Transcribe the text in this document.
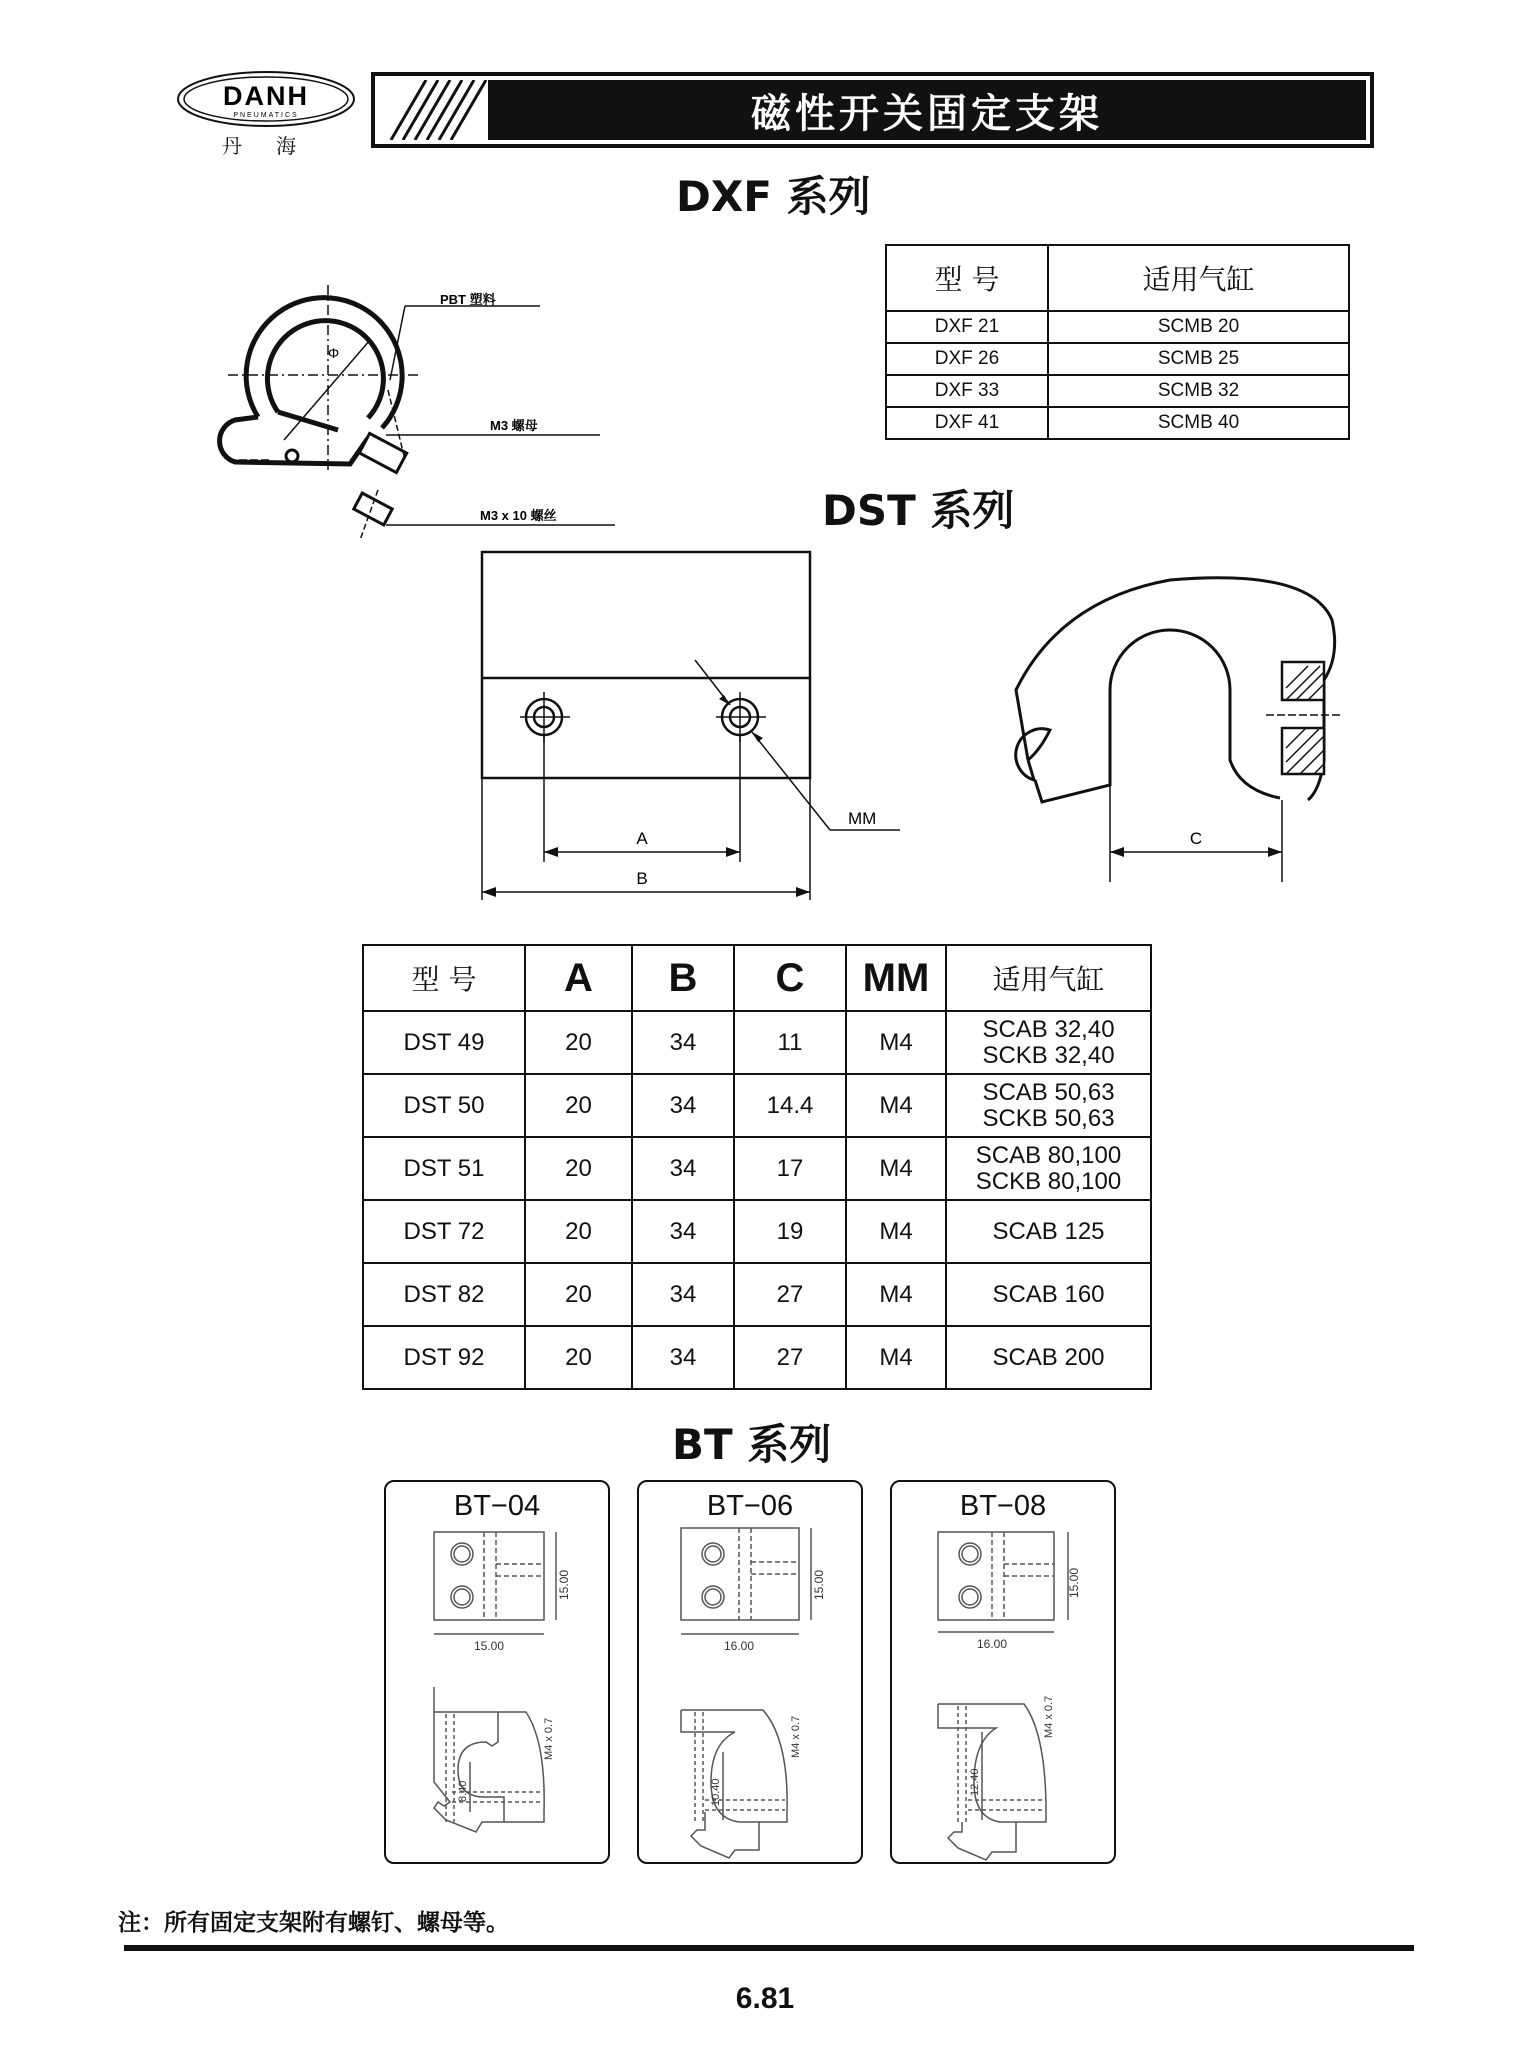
DANH
PNEUMATICS
丹 海
磁性开关固定支架
DXF 系列
PBT 塑料
M3 螺母
M3 x 10 螺丝
Φ
型 号	适用气缸
DXF 21	SCMB 20
DXF 26	SCMB 25
DXF 33	SCMB 32
DXF 41	SCMB 40
DST 系列
A
B
MM
C
型 号	A	B	C	MM	适用气缸
DST 49	20	34	11	M4	SCAB 32,40
SCKB 32,40

DST 50	20	34	14.4	M4	SCAB 50,63
SCKB 50,63

DST 51	20	34	17	M4	SCAB 80,100
SCKB 80,100

DST 72	20	34	19	M4	SCAB 125
DST 82	20	34	27	M4	SCAB 160
DST 92	20	34	27	M4	SCAB 200
BT 系列
BT−04
15.00
15.00
M4 x 0.7
8.40
BT−06
15.00
16.00
M4 x 0.7
10.40
BT−08
15.00
16.00
M4 x 0.7
12.40
注：所有固定支架附有螺钉、螺母等。
6.81
